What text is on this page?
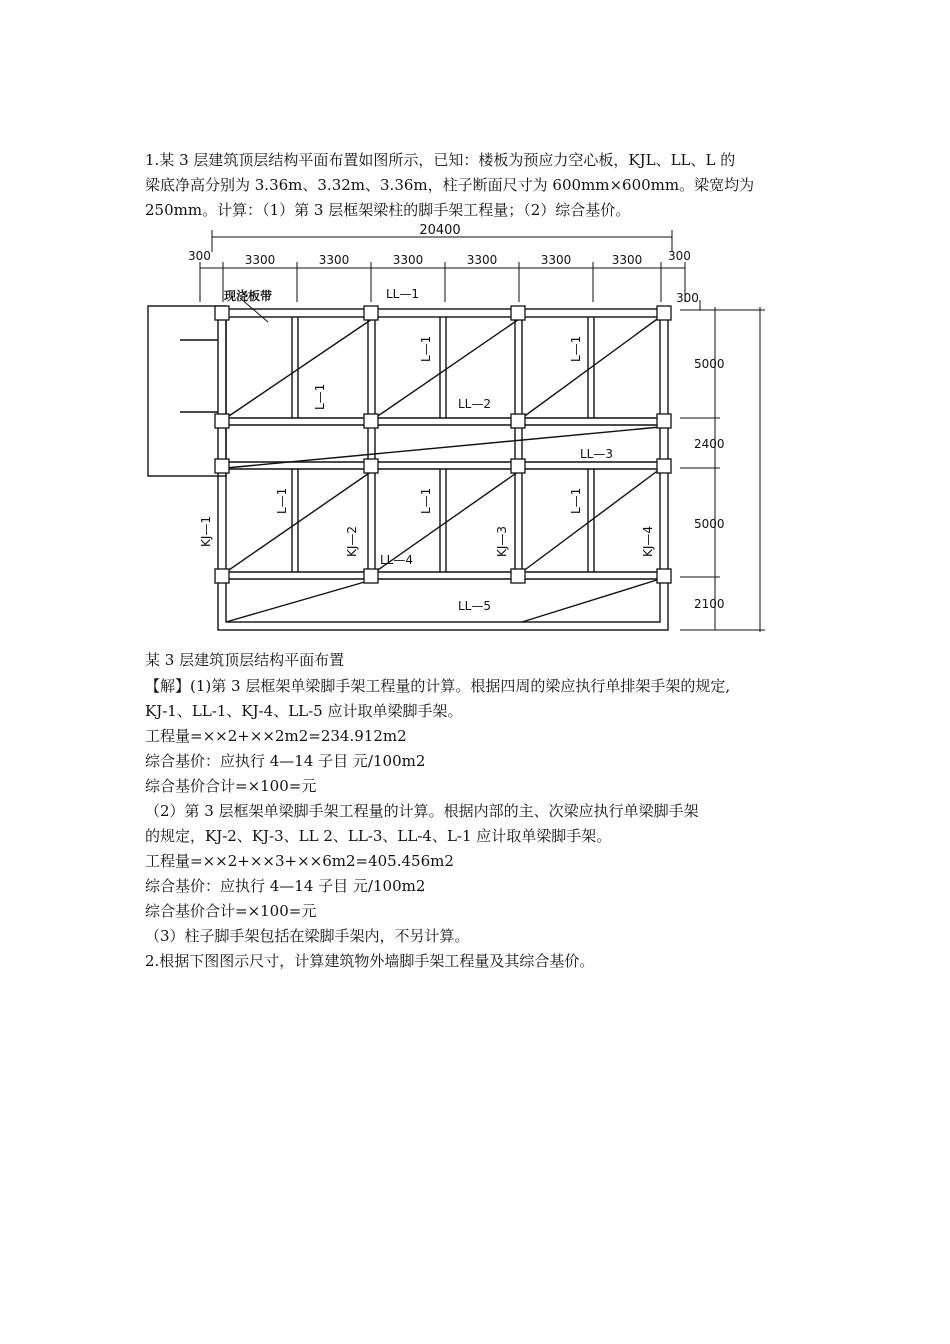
1.某 3 层建筑顶层结构平面布置如图所示，已知：楼板为预应力空心板，KJL、LL、L 的
梁底净高分别为 3.36m、3.32m、3.36m，柱子断面尺寸为 600mm×600mm。梁宽均为
250mm。计算：（1）第 3 层框架梁柱的脚手架工程量；（2）综合基价。
20400
300	300
3300	3300	3300	3300	3300	3300
300
5000
2400
5000
2100
现浇板带	LL—1
LL—2
LL—3
LL—4
LL—5
L—1
L—1	L—1
L—1	L—1	L—1
KJ—1	KJ—2	KJ—3	KJ—4
某 3 层建筑顶层结构平面布置
【解】(1)第 3 层框架单梁脚手架工程量的计算。根据四周的梁应执行单排架手架的规定,
KJ-1、LL-1、KJ-4、LL-5 应计取单梁脚手架。
工程量=××2+××2m2=234.912m2
综合基价：应执行 4—14 子目 元/100m2
综合基价合计=×100=元
（2）第 3 层框架单梁脚手架工程量的计算。根据内部的主、次梁应执行单梁脚手架
的规定，KJ-2、KJ-3、LL 2、LL-3、LL-4、L-1 应计取单梁脚手架。
工程量=××2+××3+××6m2=405.456m2
综合基价：应执行 4—14 子目 元/100m2
综合基价合计=×100=元
（3）柱子脚手架包括在梁脚手架内，不另计算。
2.根据下图图示尺寸，计算建筑物外墙脚手架工程量及其综合基价。
